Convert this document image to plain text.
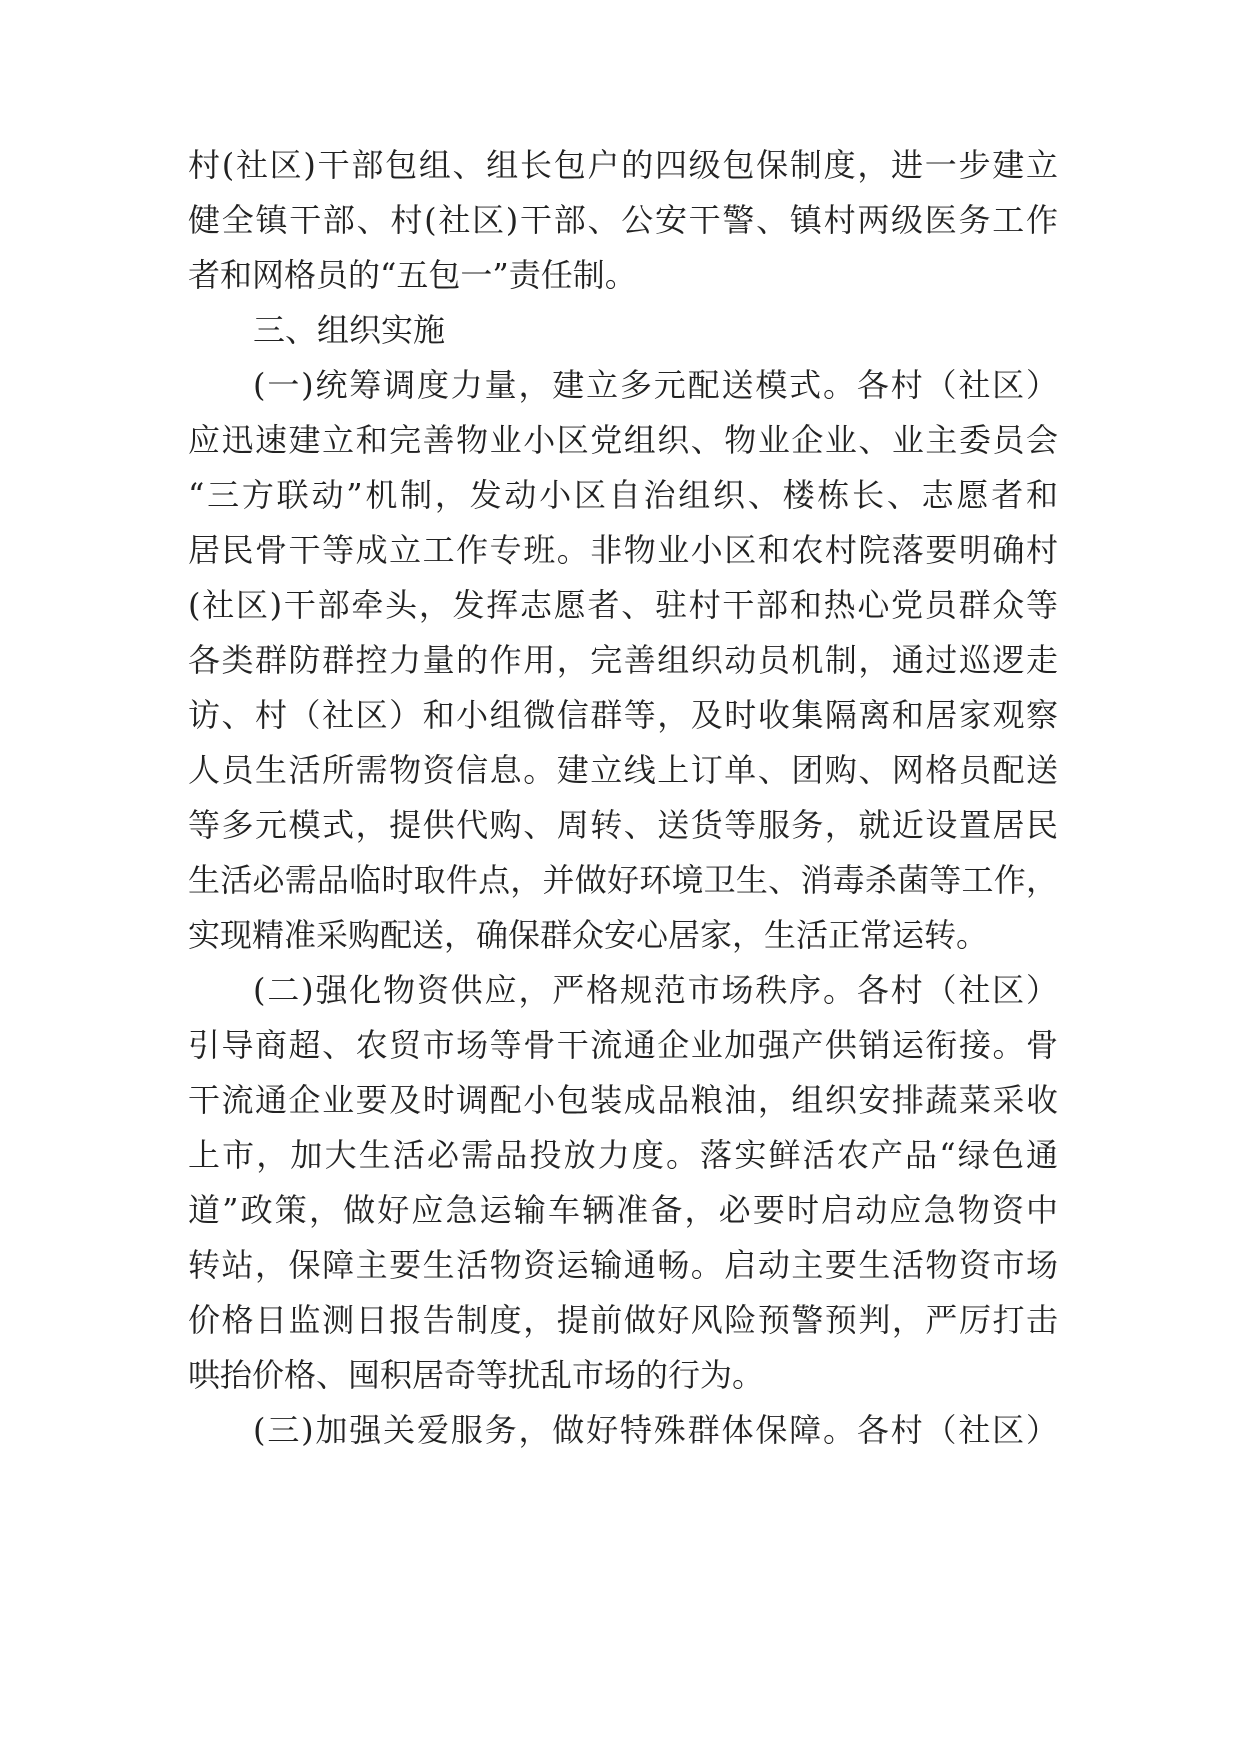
村(社区)干部包组、组长包户的四级包保制度，进一步建立
健全镇干部、村(社区)干部、公安干警、镇村两级医务工作
者和网格员的“五包一”责任制。
三、组织实施
(一)统筹调度力量，建立多元配送模式。各村（社区）
应迅速建立和完善物业小区党组织、物业企业、业主委员会
“三方联动”机制，发动小区自治组织、楼栋长、志愿者和
居民骨干等成立工作专班。非物业小区和农村院落要明确村
(社区)干部牵头，发挥志愿者、驻村干部和热心党员群众等
各类群防群控力量的作用，完善组织动员机制，通过巡逻走
访、村（社区）和小组微信群等，及时收集隔离和居家观察
人员生活所需物资信息。建立线上订单、团购、网格员配送
等多元模式，提供代购、周转、送货等服务，就近设置居民
生活必需品临时取件点，并做好环境卫生、消毒杀菌等工作，
实现精准采购配送，确保群众安心居家，生活正常运转。
(二)强化物资供应，严格规范市场秩序。各村（社区）
引导商超、农贸市场等骨干流通企业加强产供销运衔接。骨
干流通企业要及时调配小包装成品粮油，组织安排蔬菜采收
上市，加大生活必需品投放力度。落实鲜活农产品“绿色通
道”政策，做好应急运输车辆准备，必要时启动应急物资中
转站，保障主要生活物资运输通畅。启动主要生活物资市场
价格日监测日报告制度，提前做好风险预警预判，严厉打击
哄抬价格、囤积居奇等扰乱市场的行为。
(三)加强关爱服务，做好特殊群体保障。各村（社区）
